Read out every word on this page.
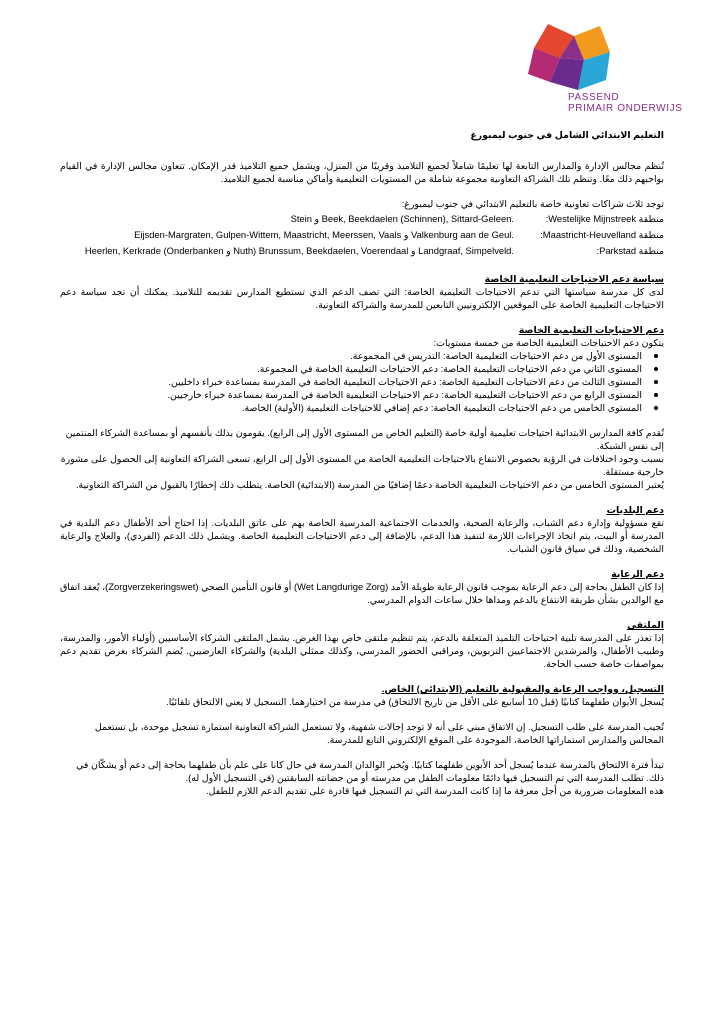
PASSEND
PRIMAIR ONDERWIJS

التعليم الابتدائي الشامل في جنوب ليمبورغ

تُنظم مجالس الإدارة والمدارس التابعة لها تعليمًا شاملاً لجميع التلاميذ وقريبًا من المنزل، ويشمل جميع التلاميذ قدر الإمكان. تتعاون مجالس الإدارة في القيام بواجبهم ذلك معًا. وتنظم تلك الشراكة التعاونية مجموعة شاملة من المستويات التعليمية وأماكن مناسبة لجميع التلاميذ.

توجد ثلاث شراكات تعاونية خاصة بالتعليم الابتدائي في جنوب ليمبورغ:

منطقة Westelijke Mijnstreek:	Stein و Beek, Beekdaelen (Schinnen), Sittard-Geleen.
منطقة Maastricht-Heuvelland:	Eijsden-Margraten, Gulpen-Wittem, Maastricht, Meerssen, Vaals و Valkenburg aan de Geul.
منطقة Parkstad:	Heerlen, Kerkrade (Onderbanken و Nuth) Brunssum, Beekdaelen, Voerendaal و Landgraaf, Simpelveld.

سياسة دعم الاحتياجات التعليمية الخاصة

لدى كل مدرسة سياستها التي تدعم الاحتياجات التعليمية الخاصة: التي تصف الدعم الذي تستطيع المدارس تقديمه للتلاميذ. يمكنك أن تجد سياسة دعم الاحتياجات التعليمية الخاصة على الموقعين الإلكترونيين التابعين للمدرسة والشراكة التعاونية.

دعم الاحتياجات التعليمية الخاصة

يتكون دعم الاحتياجات التعليمية الخاصة من خمسة مستويات:

المستوى الأول من دعم الاحتياجات التعليمية الخاصة: التدريس في المجموعة.
المستوى الثاني من دعم الاحتياجات التعليمية الخاصة: دعم الاحتياجات التعليمية الخاصة في المجموعة.
المستوى الثالث من دعم الاحتياجات التعليمية الخاصة: دعم الاحتياجات التعليمية الخاصة في المدرسة بمساعدة خبراء داخليين.
المستوى الرابع من دعم الاحتياجات التعليمية الخاصة: دعم الاحتياجات التعليمية الخاصة في المدرسة بمساعدة خبراء خارجيين.
المستوى الخامس من دعم الاحتياجات التعليمية الخاصة: دعم إضافي للاحتياجات التعليمية (الأولية) الخاصة.

تُقدم كافة المدارس الابتدائية احتياجات تعليمية أولية خاصة (التعليم الخاص من المستوى الأول إلى الرابع). يقومون بذلك بأنفسهم أو بمساعدة الشركاء المنتمين إلى نفس الشبكة.

بسبب وجود اختلافات في الرؤية بخصوص الانتفاع بالاحتياجات التعليمية الخاصة من المستوى الأول إلى الرابع، تسعى الشراكة التعاونية إلى الحصول على مشورة خارجية مستقلة.

يُعتبر المستوى الخامس من دعم الاحتياجات التعليمية الخاصة دعمًا إضافيًا من المدرسة (الابتدائية) الخاصة. يتطلب ذلك إخطارًا بالقبول من الشراكة التعاونية.

دعم البلديات

تقع مسؤولية وإدارة دعم الشباب، والرعاية الصحية، والخدمات الاجتماعية المدرسية الخاصة بهم على عاتق البلديات. إذا احتاج أحد الأطفال دعم البلدية في المدرسة أو البيت، يتم اتخاذ الإجراءات اللازمة لتنفيذ هذا الدعم، بالإضافة إلى دعم الاحتياجات التعليمية الخاصة. ويشمل ذلك الدعم (الفردي)، والعلاج والرعاية الشخصية، وذلك في سياق قانون الشباب.

دعم الرعاية

إذا كان الطفل بحاجة إلى دعم الرعاية بموجب قانون الرعاية طويلة الأمد (Wet Langdurige Zorg) أو قانون التأمين الصحي (Zorgverzekeringswet)، يُعقد اتفاق مع الوالدين بشأن طريقة الانتفاع بالدعم ومداها خلال ساعات الدوام المدرسي.

الملتقى

إذا تعذر على المدرسة تلبية احتياجات التلميذ المتعلقة بالدعم، يتم تنظيم ملتقى خاص بهذا الغرض. يشمل الملتقى الشركاء الأساسيين (أولياء الأمور، والمدرسة، وطبيب الأطفال، والمرشدين الاجتماعيين التربويين، ومراقبي الحضور المدرسي، وكذلك ممثلي البلدية) والشركاء العارضيين. يُضم الشركاء بغرض تقديم دعم بمواصفات خاصة حسب الحاجة.

التسجيل، وواجب الرعاية والمقبولية بالتعليم (الابتدائي) الخاص.

يُسجل الأبوان طفلهما كتابيًا (قبل 10 أسابيع على الأقل من تاريخ الالتحاق) في مدرسة من اختيارهما. التسجيل لا يعني الالتحاق تلقائيًا.

تُجيب المدرسة على طلب التسجيل. إن الاتفاق مبني على أنه لا توجد إحالات شفهية، ولا تستعمل الشراكة التعاونية استمارة تسجيل موحدة، بل تستعمل المجالس والمدارس استماراتها الخاصة، الموجودة على الموقع الإلكتروني التابع للمدرسة.

تبدأ فترة الالتحاق بالمدرسة عندما يُسجل أحد الأبوين طفلهما كتابيًا. ويُخبر الوالدان المدرسة في حال كانا على علم بأن طفلهما بحاجة إلى دعم أو يشكّان في ذلك. تطلب المدرسة التي تم التسجيل فيها دائمًا معلومات الطفل من مدرسته أو من حضانته السابقتين (في التسجيل الأول له).

هذه المعلومات ضرورية من أجل معرفة ما إذا كانت المدرسة التي تم التسجيل فيها قادرة على تقديم الدعم اللازم للطفل.
